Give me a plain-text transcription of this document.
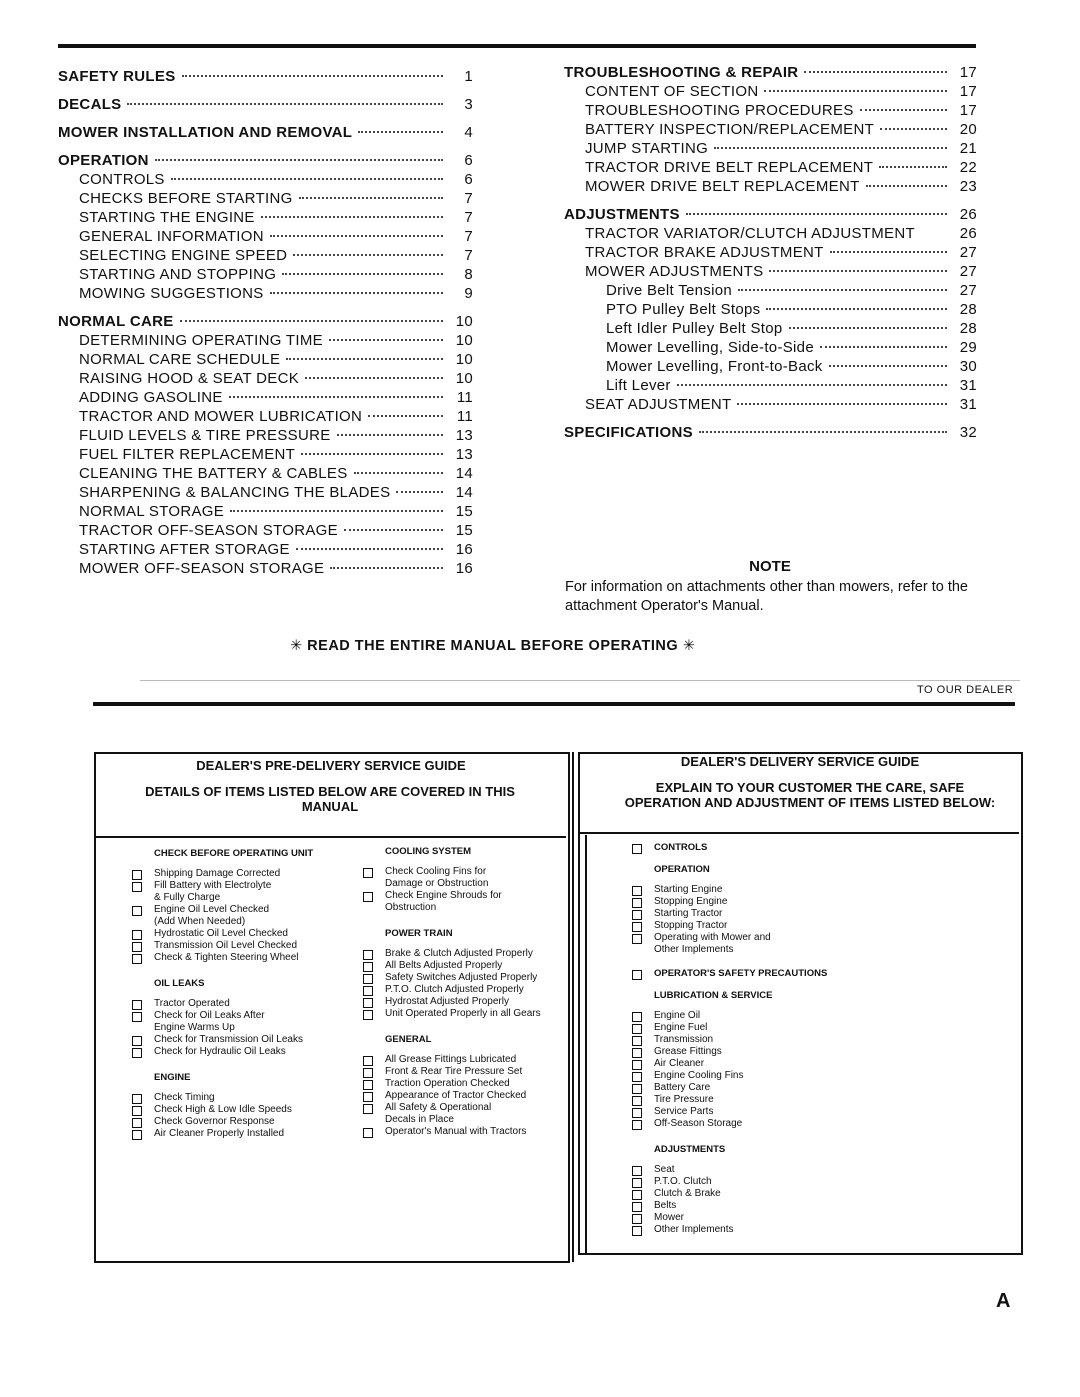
SAFETY RULES	1
DECALS	3
MOWER INSTALLATION AND REMOVAL	4
OPERATION	6
CONTROLS	6
CHECKS BEFORE STARTING	7
STARTING THE ENGINE	7
GENERAL INFORMATION	7
SELECTING ENGINE SPEED	7
STARTING AND STOPPING	8
MOWING SUGGESTIONS	9
NORMAL CARE	10
DETERMINING OPERATING TIME	10
NORMAL CARE SCHEDULE	10
RAISING HOOD & SEAT DECK	10
ADDING GASOLINE	11
TRACTOR AND MOWER LUBRICATION	11
FLUID LEVELS & TIRE PRESSURE	13
FUEL FILTER REPLACEMENT	13
CLEANING THE BATTERY & CABLES	14
SHARPENING & BALANCING THE BLADES	14
NORMAL STORAGE	15
TRACTOR OFF-SEASON STORAGE	15
STARTING AFTER STORAGE	16
MOWER OFF-SEASON STORAGE	16
TROUBLESHOOTING & REPAIR	17
CONTENT OF SECTION	17
TROUBLESHOOTING PROCEDURES	17
BATTERY INSPECTION/REPLACEMENT	20
JUMP STARTING	21
TRACTOR DRIVE BELT REPLACEMENT	22
MOWER DRIVE BELT REPLACEMENT	23
ADJUSTMENTS	26
TRACTOR VARIATOR/CLUTCH ADJUSTMENT	26
TRACTOR BRAKE ADJUSTMENT	27
MOWER ADJUSTMENTS	27
Drive Belt Tension	27
PTO Pulley Belt Stops	28
Left Idler Pulley Belt Stop	28
Mower Levelling, Side-to-Side	29
Mower Levelling, Front-to-Back	30
Lift Lever	31
SEAT ADJUSTMENT	31
SPECIFICATIONS	32
NOTE
For information on attachments other than mowers, refer to the attachment Operator's Manual.
✳ READ THE ENTIRE MANUAL BEFORE OPERATING ✳
TO OUR DEALER
DEALER'S PRE-DELIVERY SERVICE GUIDE
DETAILS OF ITEMS LISTED BELOW ARE COVERED IN THIS MANUAL
DEALER'S DELIVERY SERVICE GUIDE
EXPLAIN TO YOUR CUSTOMER THE CARE, SAFE OPERATION AND ADJUSTMENT OF ITEMS LISTED BELOW:
CHECK BEFORE OPERATING UNIT
Shipping Damage Corrected
Fill Battery with Electrolyte
& Fully Charge
Engine Oil Level Checked
(Add When Needed)
Hydrostatic Oil Level Checked
Transmission Oil Level Checked
Check & Tighten Steering Wheel
OIL LEAKS
Tractor Operated
Check for Oil Leaks After
Engine Warms Up
Check for Transmission Oil Leaks
Check for Hydraulic Oil Leaks
ENGINE
Check Timing
Check High & Low Idle Speeds
Check Governor Response
Air Cleaner Properly Installed
COOLING SYSTEM
Check Cooling Fins for
Damage or Obstruction
Check Engine Shrouds for
Obstruction
POWER TRAIN
Brake & Clutch Adjusted Properly
All Belts Adjusted Properly
Safety Switches Adjusted Properly
P.T.O. Clutch Adjusted Properly
Hydrostat Adjusted Properly
Unit Operated Properly in all Gears
GENERAL
All Grease Fittings Lubricated
Front & Rear Tire Pressure Set
Traction Operation Checked
Appearance of Tractor Checked
All Safety & Operational
Decals in Place
Operator's Manual with Tractors
CONTROLS
OPERATION
Starting Engine
Stopping Engine
Starting Tractor
Stopping Tractor
Operating with Mower and
Other Implements
OPERATOR'S SAFETY PRECAUTIONS
LUBRICATION & SERVICE
Engine Oil
Engine Fuel
Transmission
Grease Fittings
Air Cleaner
Engine Cooling Fins
Battery Care
Tire Pressure
Service Parts
Off-Season Storage
ADJUSTMENTS
Seat
P.T.O. Clutch
Clutch & Brake
Belts
Mower
Other Implements
A
